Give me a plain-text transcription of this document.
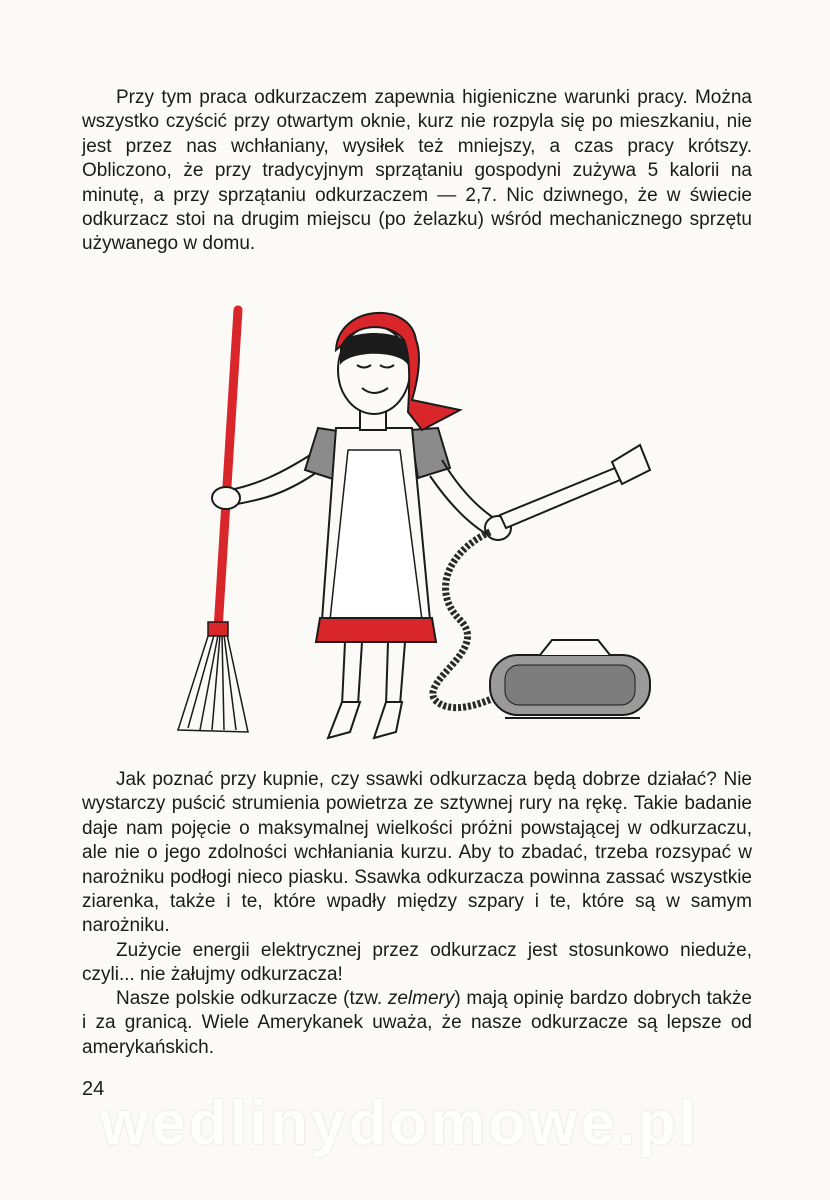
Przy tym praca odkurzaczem zapewnia higieniczne warunki pracy. Można wszystko czyścić przy otwartym oknie, kurz nie rozpyla się po mieszkaniu, nie jest przez nas wchłaniany, wysiłek też mniejszy, a czas pracy krótszy. Obliczono, że przy tradycyjnym sprzątaniu gospodyni zużywa 5 kalorii na minutę, a przy sprzątaniu odkurzaczem — 2,7. Nic dziwnego, że w świecie odkurzacz stoi na drugim miejscu (po żelazku) wśród mechanicznego sprzętu używanego w domu.

Jak poznać przy kupnie, czy ssawki odkurzacza będą dobrze działać? Nie wystarczy puścić strumienia powietrza ze sztywnej rury na rękę. Takie badanie daje nam pojęcie o maksymalnej wielkości próżni powstającej w odkurzaczu, ale nie o jego zdolności wchłaniania kurzu. Aby to zbadać, trzeba rozsypać w narożniku podłogi nieco piasku. Ssawka odkurzacza powinna zassać wszystkie ziarenka, także i te, które wpadły między szpary i te, które są w samym narożniku.

Zużycie energii elektrycznej przez odkurzacz jest stosunkowo nieduże, czyli... nie żałujmy odkurzacza!

Nasze polskie odkurzacze (tzw. zelmery) mają opinię bardzo dobrych także i za granicą. Wiele Amerykanek uważa, że nasze odkurzacze są lepsze od amerykańskich.

24

wedlinydomowe.pl
